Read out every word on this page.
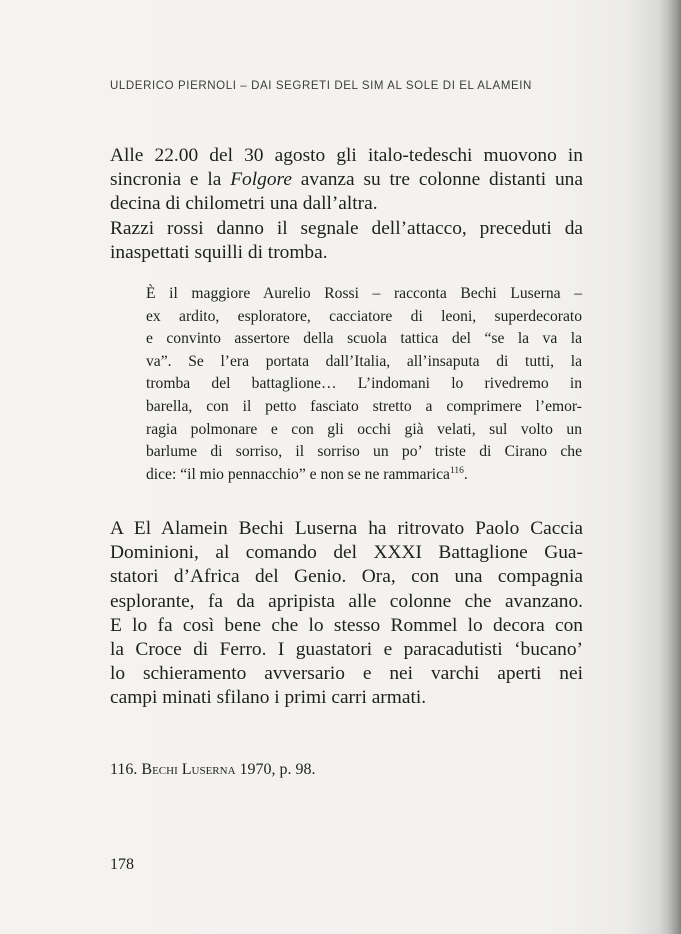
ULDERICO PIERNOLI – DAI SEGRETI DEL SIM AL SOLE DI EL ALAMEIN

Alle 22.00 del 30 agosto gli italo-tedeschi muovono in
sincronia e la Folgore avanza su tre colonne distanti una
decina di chilometri una dall’altra.
Razzi rossi danno il segnale dell’attacco, preceduti da
inaspettati squilli di tromba.

È il maggiore Aurelio Rossi – racconta Bechi Luserna –
ex ardito, esploratore, cacciatore di leoni, superdecorato
e convinto assertore della scuola tattica del “se la va la
va”. Se l’era portata dall’Italia, all’insaputa di tutti, la
tromba del battaglione… L’indomani lo rivedremo in
barella, con il petto fasciato stretto a comprimere l’emor-
ragia polmonare e con gli occhi già velati, sul volto un
barlume di sorriso, il sorriso un po’ triste di Cirano che
dice: “il mio pennacchio” e non se ne rammarica$^{116}$.

A El Alamein Bechi Luserna ha ritrovato Paolo Caccia
Dominioni, al comando del XXXI Battaglione Gua-
statori d’Africa del Genio. Ora, con una compagnia
esplorante, fa da apripista alle colonne che avanzano.
E lo fa così bene che lo stesso Rommel lo decora con
la Croce di Ferro. I guastatori e paracadutisti ‘bucano’
lo schieramento avversario e nei varchi aperti nei
campi minati sfilano i primi carri armati.

116. Bechi Luserna 1970, p. 98.
178
